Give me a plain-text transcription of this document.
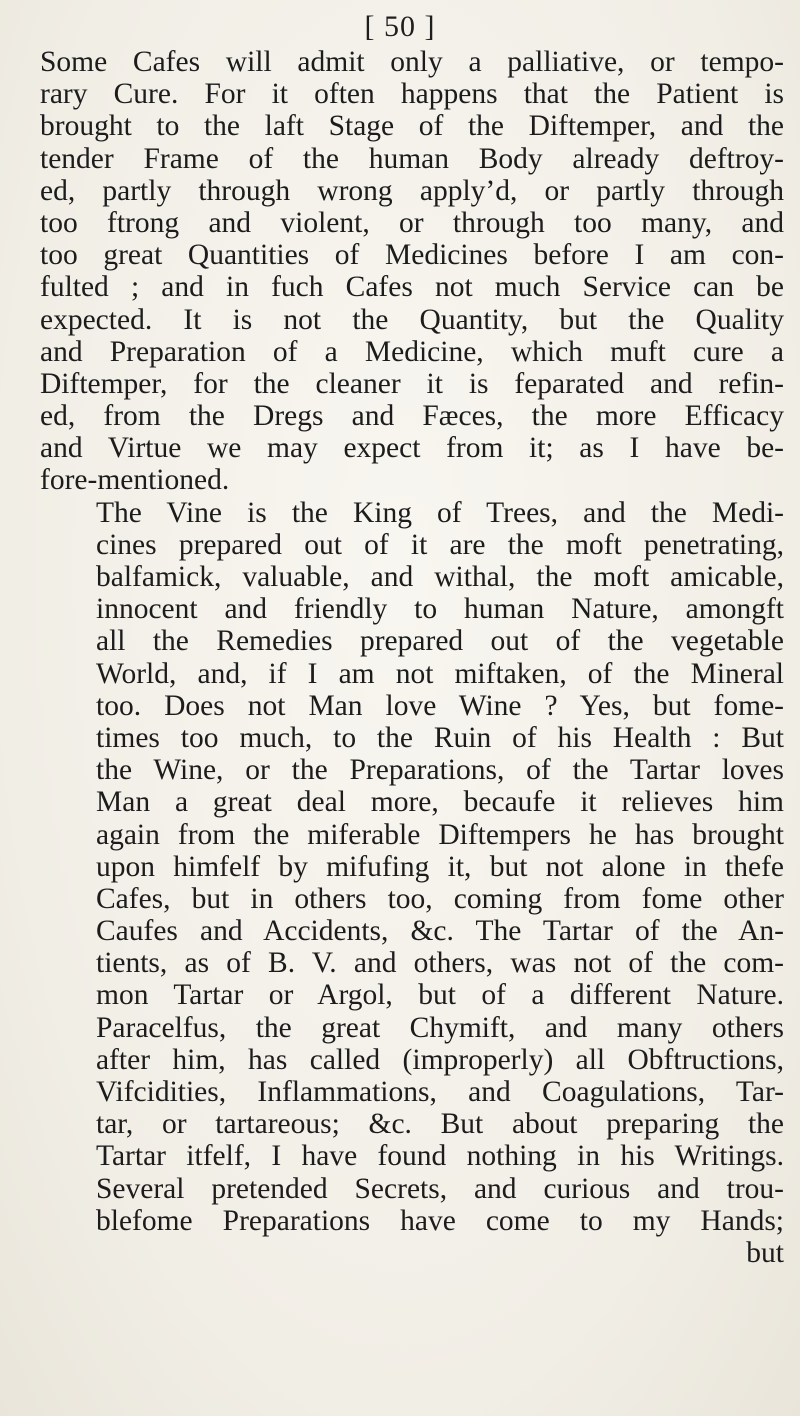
[ 50 ]
Some Cafes will admit only a palliative, or tempo-
rary Cure. For it often happens that the Patient is
brought to the laft Stage of the Diftemper, and the
tender Frame of the human Body already deftroy-
ed, partly through wrong apply’d, or partly through
too ftrong and violent, or through too many, and
too great Quantities of Medicines before I am con-
fulted ; and in fuch Cafes not much Service can be
expected. It is not the Quantity, but the Quality
and Preparation of a Medicine, which muft cure a
Diftemper, for the cleaner it is feparated and refin-
ed, from the Dregs and Fæces, the more Efficacy
and Virtue we may expect from it; as I have be-
fore-mentioned.
The Vine is the King of Trees, and the Medi-
cines prepared out of it are the moft penetrating,
balfamick, valuable, and withal, the moft amicable,
innocent and friendly to human Nature, amongft
all the Remedies prepared out of the vegetable
World, and, if I am not miftaken, of the Mineral
too. Does not Man love Wine ? Yes, but fome-
times too much, to the Ruin of his Health : But
the Wine, or the Preparations, of the Tartar loves
Man a great deal more, becaufe it relieves him
again from the miferable Diftempers he has brought
upon himfelf by mifufing it, but not alone in thefe
Cafes, but in others too, coming from fome other
Caufes and Accidents, &c. The Tartar of the An-
tients, as of B. V. and others, was not of the com-
mon Tartar or Argol, but of a different Nature.
Paracelfus, the great Chymift, and many others
after him, has called (improperly) all Obftructions,
Vifcidities, Inflammations, and Coagulations, Tar-
tar, or tartareous; &c. But about preparing the
Tartar itfelf, I have found nothing in his Writings.
Several pretended Secrets, and curious and trou-
blefome Preparations have come to my Hands;
but
